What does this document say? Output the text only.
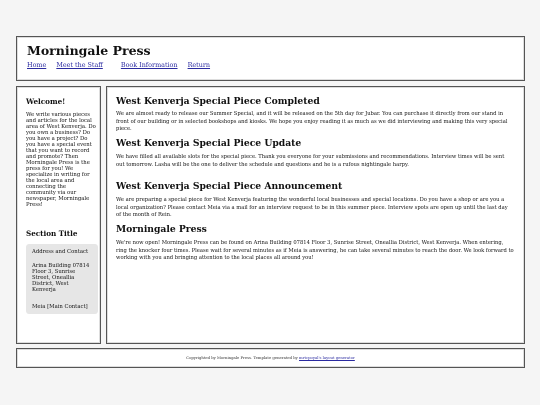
Morningale Press
Home Meet the Staff	Book Information Return
Welcome!
We write various pieces and articles for the local area of West Kenverja. Do you own a business? Do you have a project? Do you have a special event that you want to record and promote? Then Morningale Press is the press for you! We specialize in writing for the local area and connecting the community via our newspaper, Morningale Press!
Section Title
Address and Contact
Arina Building 07814 Floor 3, Sunrise Street, Oneallia District, West Kenverja
Meia [Main Contact]
West Kenverja Special Piece Completed

We are almost ready to release our Summer Special, and it will be released on the 5th day for Jubar. You can purchase it directly from our stand in front of our building or in selected bookshops and kiosks. We hope you enjoy reading it as much as we did interviewing and making this very special piece.

West Kenverja Special Piece Update

We have filled all available slots for the special piece. Thank you everyone for your submissions and recommendations. Interview times will be sent out tomorrow. Lasha will be the one to deliver the schedule and questions and he is a rufous nightingale harpy.

West Kenverja Special Piece Announcement

We are preparing a special piece for West Kenverja featuring the wonderful local businesses and special locations. Do you have a shop or are you a local organization? Please contact Meia via a mail for an interview request to be in this summer piece. Interview spots are open up until the last day of the month of Rein.

Morningale Press

We're now open! Morningale Press can be found on Arina Building 07814 Floor 3, Sunrise Street, Oneallia District, West Kenverja. When entering, ring the knocker four times. Please wait for several minutes as if Meia is answering, he can take several minutes to reach the door. We look forward to working with you and bringing attention to the local places all around you!

Copyrighted by Morningale Press. Template generated by mrtcpoyal's layout generator
